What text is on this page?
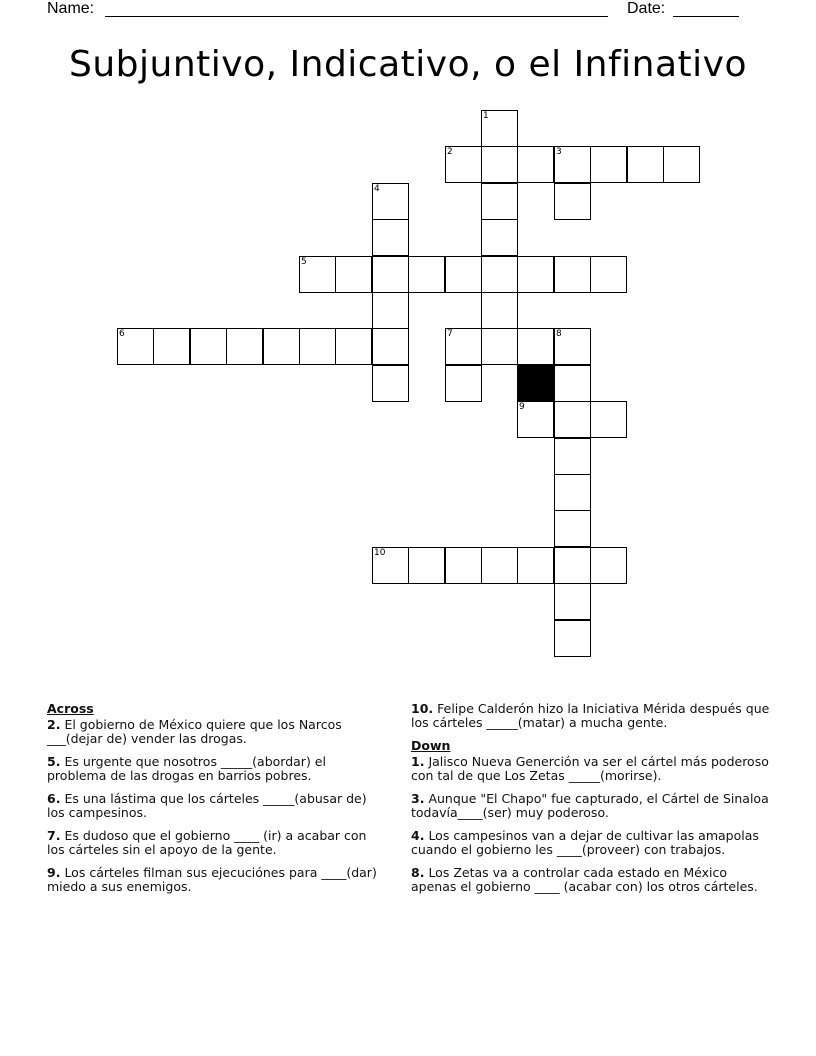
Name:	Date:
Subjuntivo, Indicativo, o el Infinativo
2	3
5
6	7	8
9
10
1
4
Across
2. El gobierno de México quiere que los Narcos ___(dejar de) vender las drogas.
5. Es urgente que nosotros _____(abordar) el problema de las drogas en barrios pobres.
6. Es una lástima que los cárteles _____(abusar de) los campesinos.
7. Es dudoso que el gobierno ____ (ir) a acabar con los cárteles sin el apoyo de la gente.
9. Los cárteles filman sus ejecuciónes para ____(dar) miedo a sus enemigos.
10. Felipe Calderón hizo la Iniciativa Mérida después que los cárteles _____(matar) a mucha gente.
Down
1. Jalisco Nueva Generción va ser el cártel más poderoso con tal de que Los Zetas _____(morirse).
3. Aunque "El Chapo" fue capturado, el Cártel de Sinaloa todavía____(ser) muy poderoso.
4. Los campesinos van a dejar de cultivar las amapolas cuando el gobierno les ____(proveer) con trabajos.
8. Los Zetas va a controlar cada estado en México apenas el gobierno ____ (acabar con) los otros cárteles.
